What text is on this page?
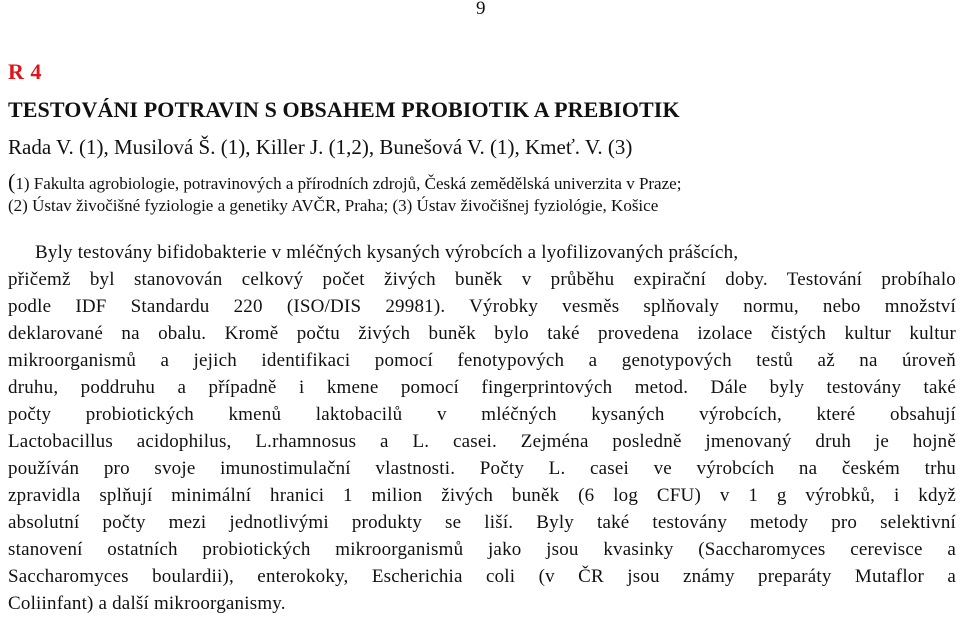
9
R 4
TESTOVÁNI POTRAVIN S OBSAHEM PROBIOTIK A PREBIOTIK
Rada V. (1), Musilová Š. (1), Killer J. (1,2), Bunešová V. (1), Kmeť. V. (3)
(1) Fakulta agrobiologie, potravinových a přírodních zdrojů, Česká zemědělská univerzita v Praze;
(2) Ústav živočišné fyziologie a genetiky AVČR, Praha; (3) Ústav živočišnej fyziológie, Košice
Byly testovány bifidobakterie v mléčných kysaných výrobcích a lyofilizovaných prášcích,
přičemž byl stanovován celkový počet živých buněk v průběhu expirační doby. Testování probíhalo
podle IDF Standardu 220 (ISO/DIS 29981). Výrobky vesměs splňovaly normu, nebo množství
deklarované na obalu. Kromě počtu živých buněk bylo také provedena izolace čistých kultur kultur
mikroorganismů a jejich identifikaci pomocí fenotypových a genotypových testů až na úroveň
druhu, poddruhu a případně i kmene pomocí fingerprintových metod. Dále byly testovány také
počty probiotických kmenů laktobacilů v mléčných kysaných výrobcích, které obsahují
Lactobacillus acidophilus, L.rhamnosus a L. casei. Zejména posledně jmenovaný druh je hojně
používán pro svoje imunostimulační vlastnosti. Počty L. casei ve výrobcích na českém trhu
zpravidla splňují minimální hranici 1 milion živých buněk (6 log CFU) v 1 g výrobků, i když
absolutní počty mezi jednotlivými produkty se liší. Byly také testovány metody pro selektivní
stanovení ostatních probiotických mikroorganismů jako jsou kvasinky (Saccharomyces cerevisce a
Saccharomyces boulardii), enterokoky, Escherichia coli (v ČR jsou známy preparáty Mutaflor a
Coliinfant) a další mikroorganismy.
